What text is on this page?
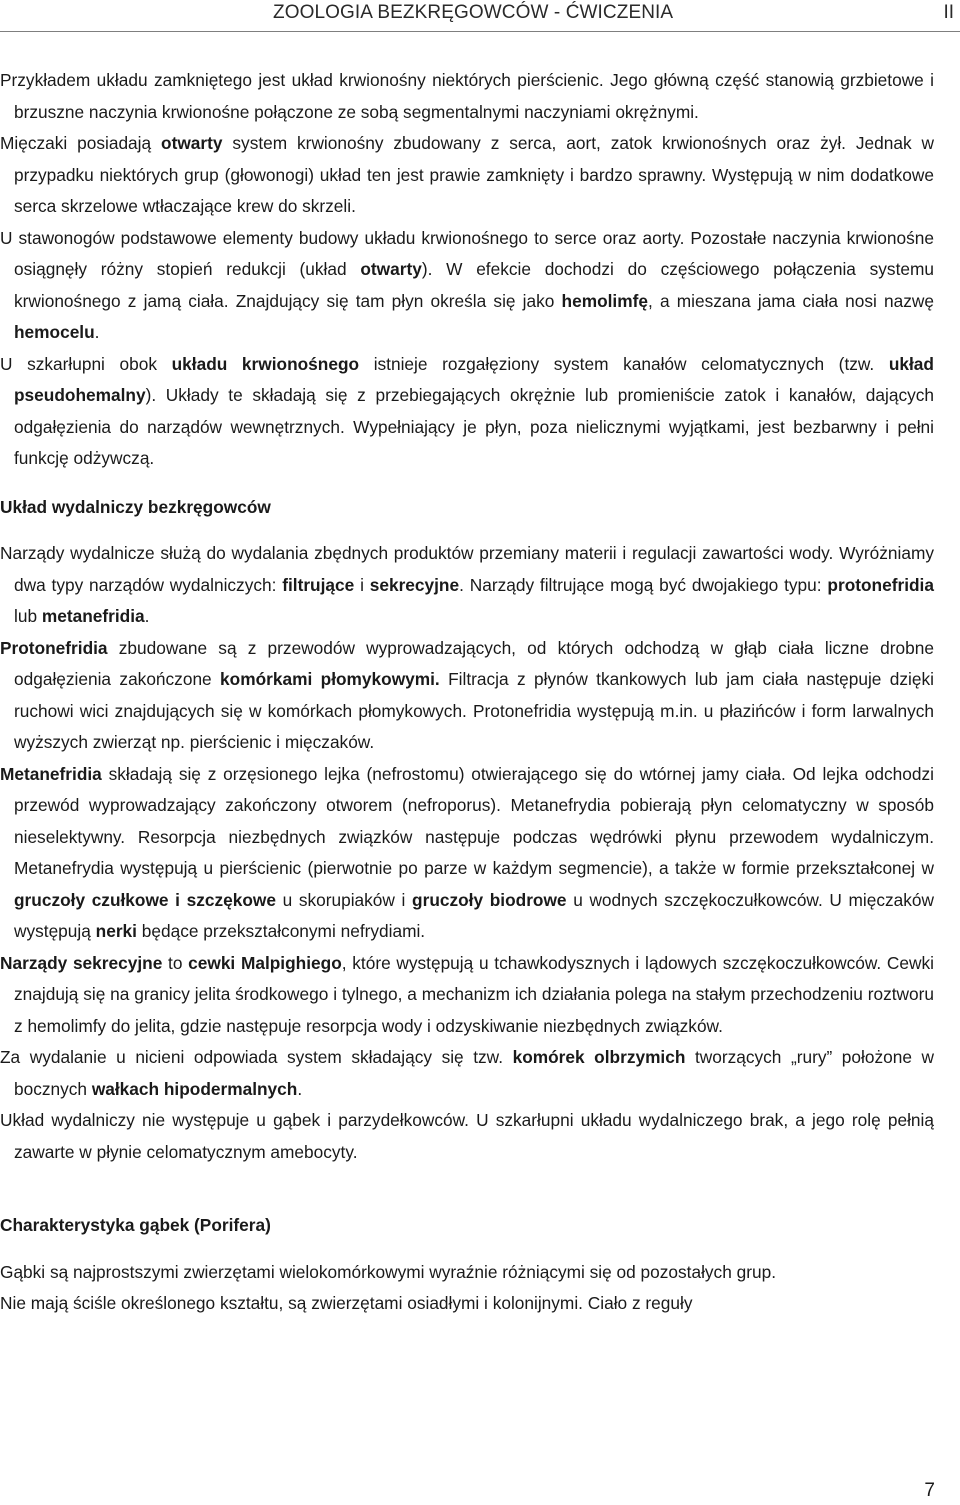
ZOOLOGIA BEZKRĘGOWCÓW - ĆWICZENIA	II

Przykładem układu zamkniętego jest układ krwionośny niektórych pierścienic. Jego główną część stanowią grzbietowe i brzuszne naczynia krwionośne połączone ze sobą segmentalnymi naczyniami okrężnymi.

Mięczaki posiadają otwarty system krwionośny zbudowany z serca, aort, zatok krwionośnych oraz żył. Jednak w przypadku niektórych grup (głowonogi) układ ten jest prawie zamknięty i bardzo sprawny. Występują w nim dodatkowe serca skrzelowe wtłaczające krew do skrzeli.

U stawonogów podstawowe elementy budowy układu krwionośnego to serce oraz aorty. Pozostałe naczynia krwionośne osiągnęły różny stopień redukcji (układ otwarty). W efekcie dochodzi do częściowego połączenia systemu krwionośnego z jamą ciała. Znajdujący się tam płyn określa się jako hemolimfę, a mieszana jama ciała nosi nazwę hemocelu.

U szkarłupni obok układu krwionośnego istnieje rozgałęziony system kanałów celomatycznych (tzw. układ pseudohemalny). Układy te składają się z przebiegających okrężnie lub promieniście zatok i kanałów, dających odgałęzienia do narządów wewnętrznych. Wypełniający je płyn, poza nielicznymi wyjątkami, jest bezbarwny i pełni funkcję odżywczą.

Układ wydalniczy bezkręgowców

Narządy wydalnicze służą do wydalania zbędnych produktów przemiany materii i regulacji zawartości wody. Wyróżniamy dwa typy narządów wydalniczych: filtrujące i sekrecyjne. Narządy filtrujące mogą być dwojakiego typu: protonefridia lub metanefridia.

Protonefridia zbudowane są z przewodów wyprowadzających, od których odchodzą w głąb ciała liczne drobne odgałęzienia zakończone komórkami płomykowymi. Filtracja z płynów tkankowych lub jam ciała następuje dzięki ruchowi wici znajdujących się w komórkach płomykowych. Protonefridia występują m.in. u płazińców i form larwalnych wyższych zwierząt np. pierścienic i mięczaków.

Metanefridia składają się z orzęsionego lejka (nefrostomu) otwierającego się do wtórnej jamy ciała. Od lejka odchodzi przewód wyprowadzający zakończony otworem (nefroporus). Metanefrydia pobierają płyn celomatyczny w sposób nieselektywny. Resorpcja niezbędnych związków następuje podczas wędrówki płynu przewodem wydalniczym. Metanefrydia występują u pierścienic (pierwotnie po parze w każdym segmencie), a także w formie przekształconej w gruczoły czułkowe i szczękowe u skorupiaków i gruczoły biodrowe u wodnych szczękoczułkowców. U mięczaków występują nerki będące przekształconymi nefrydiami.

Narządy sekrecyjne to cewki Malpighiego, które występują u tchawkodysznych i lądowych szczękoczułkowców. Cewki znajdują się na granicy jelita środkowego i tylnego, a mechanizm ich działania polega na stałym przechodzeniu roztworu z hemolimfy do jelita, gdzie następuje resorpcja wody i odzyskiwanie niezbędnych związków.

Za wydalanie u nicieni odpowiada system składający się tzw. komórek olbrzymich tworzących „rury” położone w bocznych wałkach hipodermalnych.

Układ wydalniczy nie występuje u gąbek i parzydełkowców. U szkarłupni układu wydalniczego brak, a jego rolę pełnią zawarte w płynie celomatycznym amebocyty.

Charakterystyka gąbek (Porifera)

Gąbki są najprostszymi zwierzętami wielokomórkowymi wyraźnie różniącymi się od pozostałych grup.

Nie mają ściśle określonego kształtu, są zwierzętami osiadłymi i kolonijnymi. Ciało z reguły

7
